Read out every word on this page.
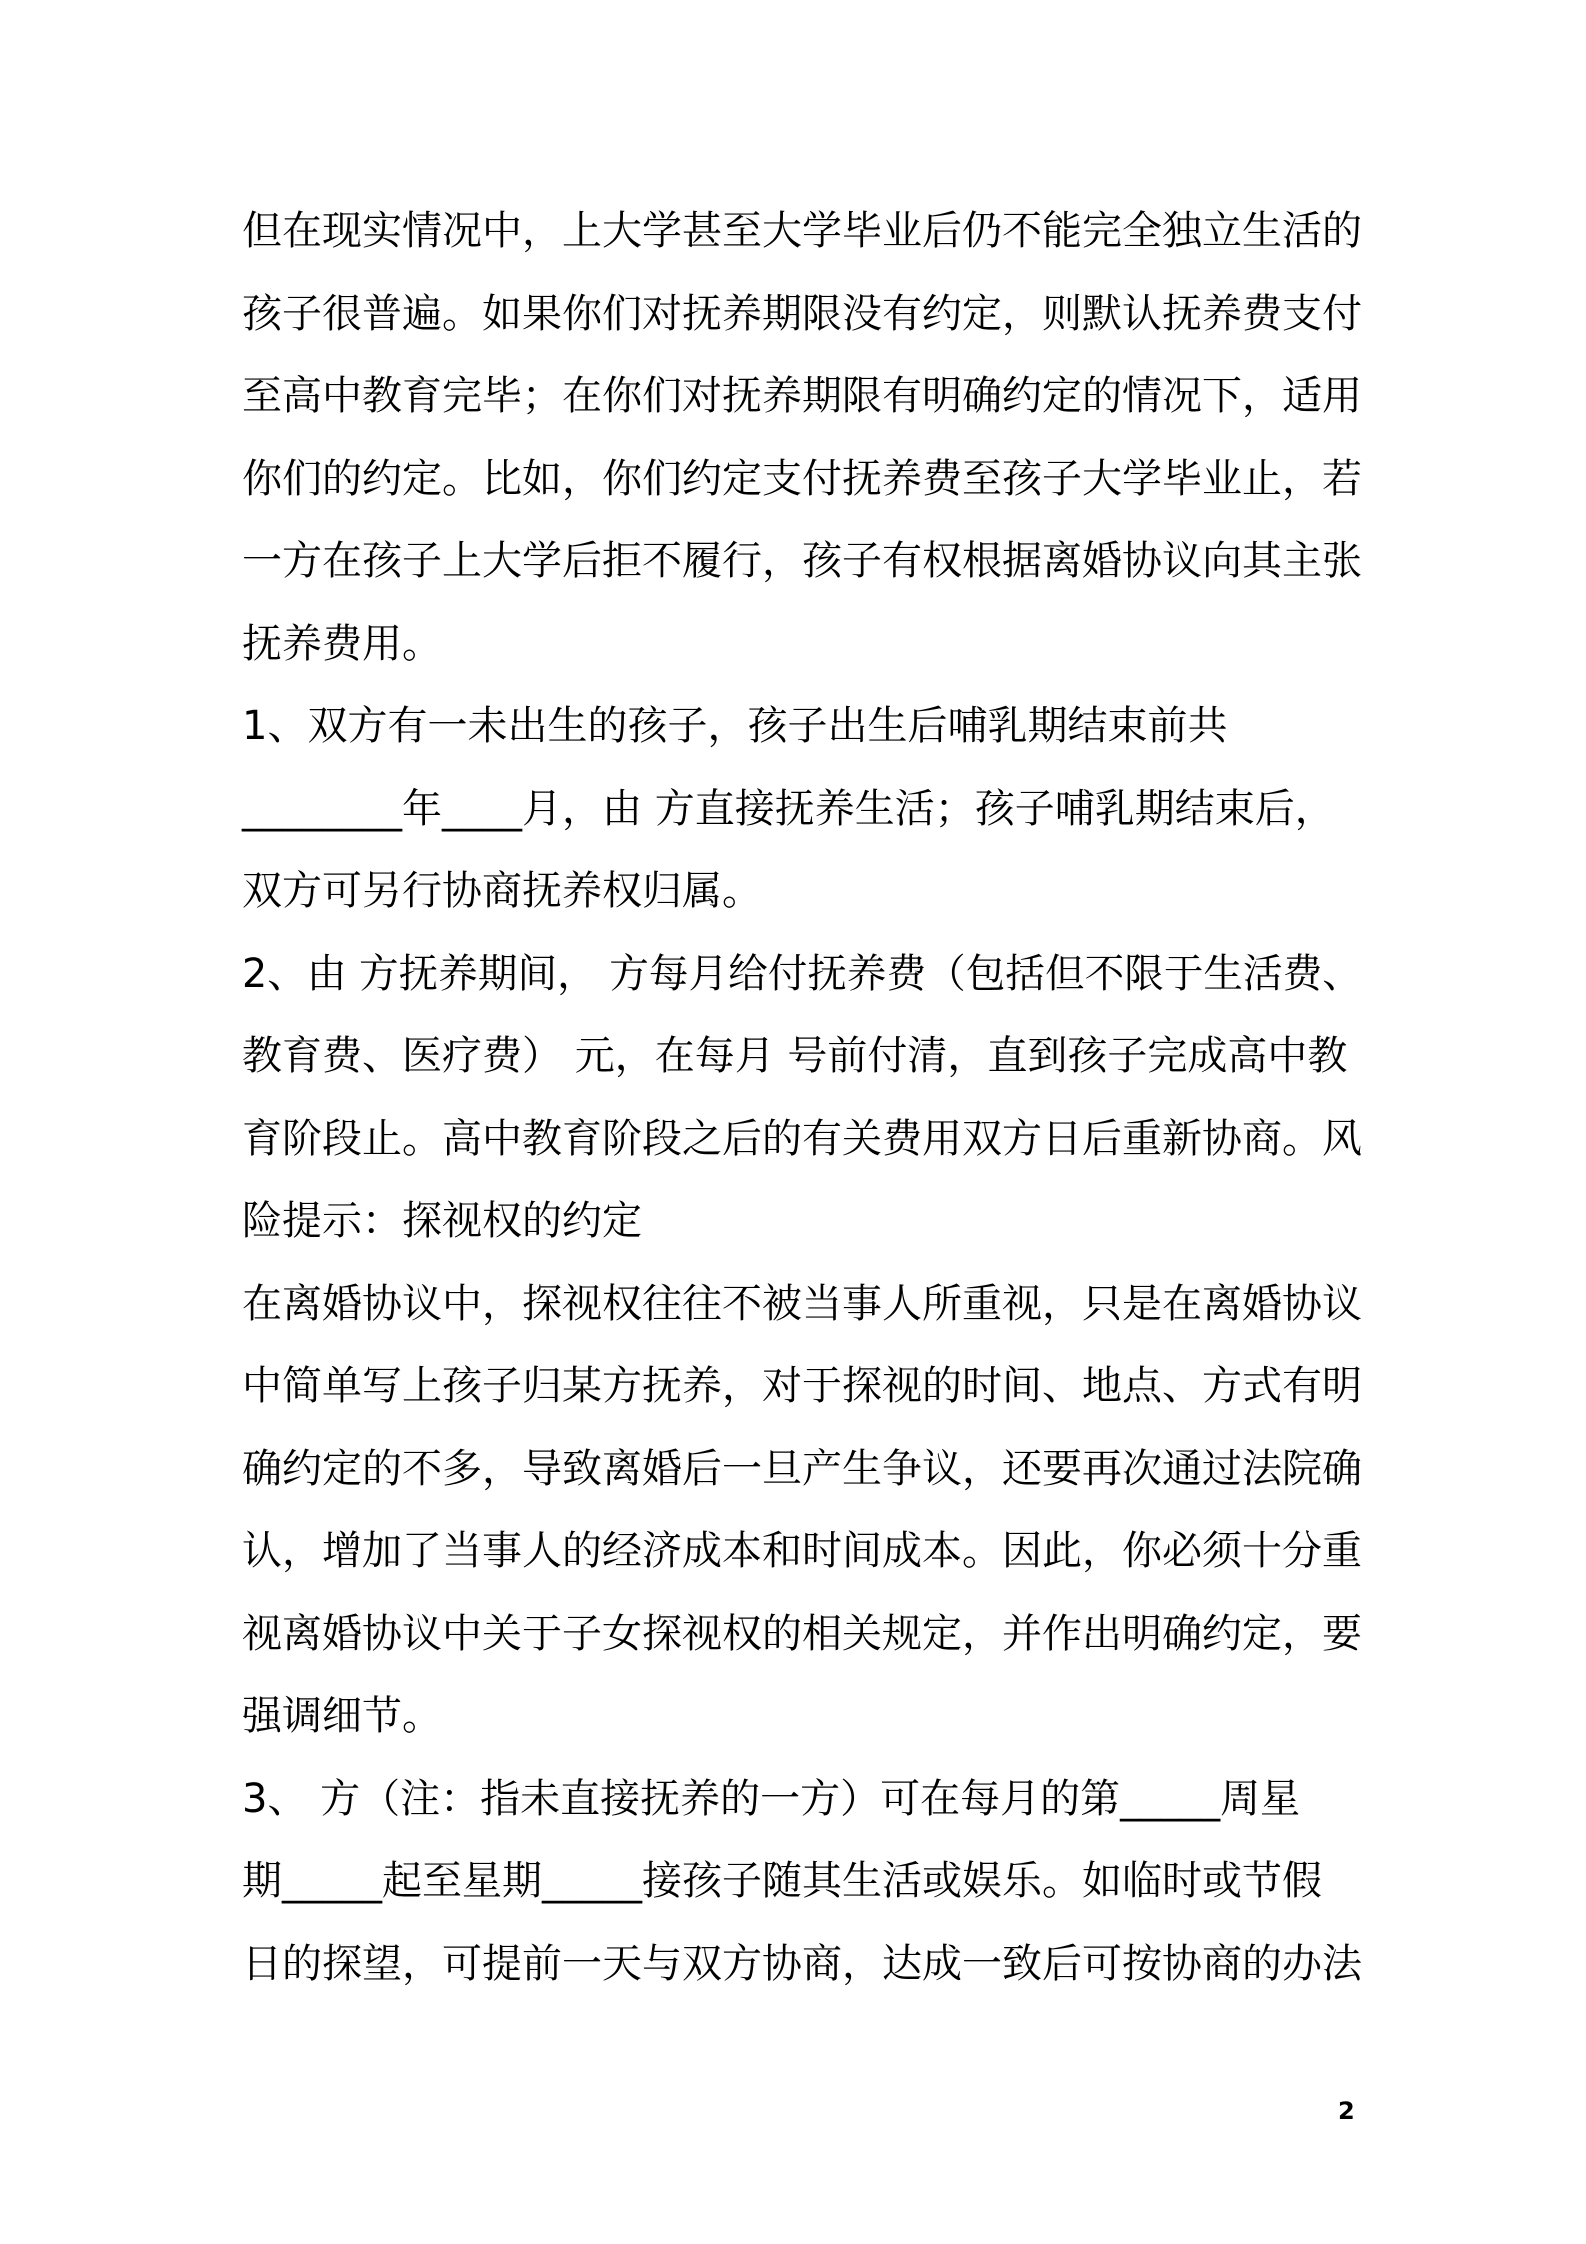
但在现实情况中，上大学甚至大学毕业后仍不能完全独立生活的
孩子很普遍。如果你们对抚养期限没有约定，则默认抚养费支付
至高中教育完毕；在你们对抚养期限有明确约定的情况下，适用
你们的约定。比如，你们约定支付抚养费至孩子大学毕业止，若
一方在孩子上大学后拒不履行，孩子有权根据离婚协议向其主张
抚养费用。
1、双方有一未出生的孩子，孩子出生后哺乳期结束前共
________年____月，由 方直接抚养生活；孩子哺乳期结束后，
双方可另行协商抚养权归属。
2、由 方抚养期间， 方每月给付抚养费（包括但不限于生活费、
教育费、医疗费） 元，在每月 号前付清，直到孩子完成高中教
育阶段止。高中教育阶段之后的有关费用双方日后重新协商。风
险提示：探视权的约定
在离婚协议中，探视权往往不被当事人所重视，只是在离婚协议
中简单写上孩子归某方抚养，对于探视的时间、地点、方式有明
确约定的不多，导致离婚后一旦产生争议，还要再次通过法院确
认，增加了当事人的经济成本和时间成本。因此，你必须十分重
视离婚协议中关于子女探视权的相关规定，并作出明确约定，要
强调细节。
3、 方（注：指未直接抚养的一方）可在每月的第_____周星
期_____起至星期_____接孩子随其生活或娱乐。如临时或节假
日的探望，可提前一天与双方协商，达成一致后可按协商的办法
2
